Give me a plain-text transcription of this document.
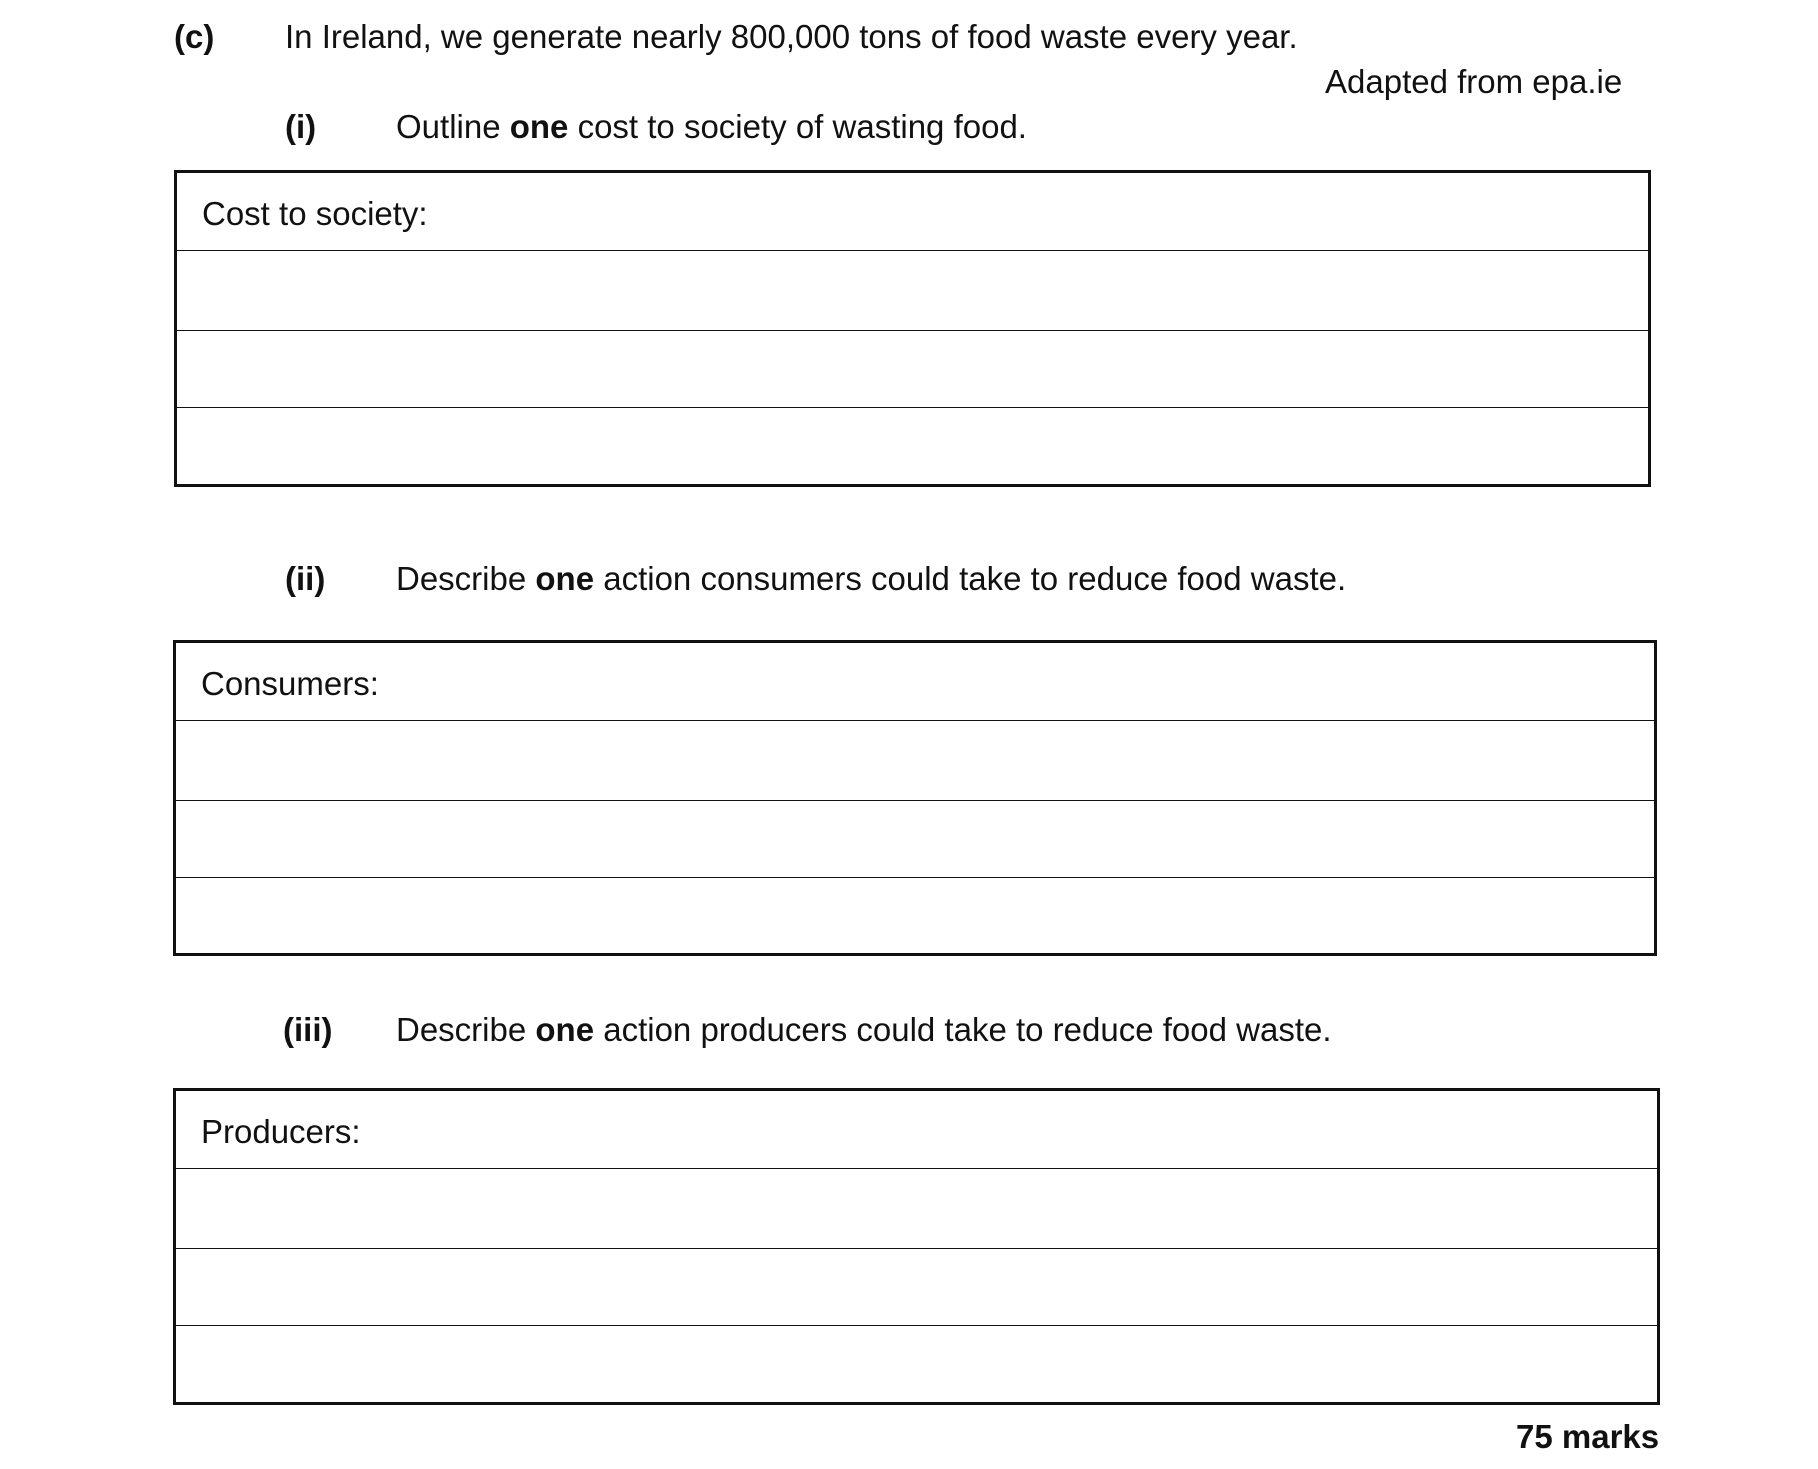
(c) In Ireland, we generate nearly 800,000 tons of food waste every year.
Adapted from epa.ie
(i) Outline one cost to society of wasting food.
Cost to society:
(ii) Describe one action consumers could take to reduce food waste.
Consumers:
(iii) Describe one action producers could take to reduce food waste.
Producers:
75 marks
